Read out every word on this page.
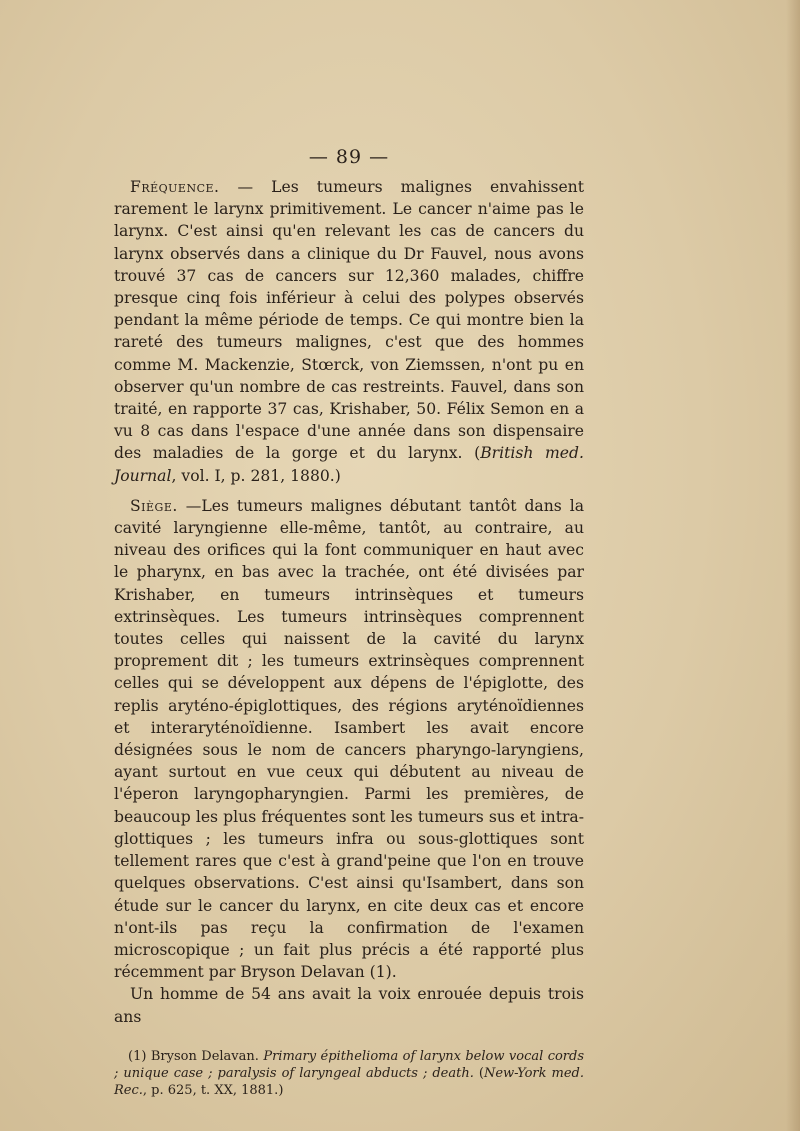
— 89 —

Fréquence. — Les tumeurs malignes envahissent rarement le larynx primitivement. Le cancer n'aime pas le larynx. C'est ainsi qu'en relevant les cas de cancers du larynx observés dans a clinique du Dr Fauvel, nous avons trouvé 37 cas de cancers sur 12,360 malades, chiffre presque cinq fois inférieur à celui des polypes observés pendant la même période de temps. Ce qui montre bien la rareté des tumeurs malignes, c'est que des hommes comme M. Mackenzie, Stœrck, von Ziemssen, n'ont pu en observer qu'un nombre de cas restreints. Fauvel, dans son traité, en rapporte 37 cas, Krishaber, 50. Félix Semon en a vu 8 cas dans l'espace d'une année dans son dispensaire des maladies de la gorge et du larynx. (British med. Journal, vol. I, p. 281, 1880.)

Siège. —Les tumeurs malignes débutant tantôt dans la cavité laryngienne elle-même, tantôt, au contraire, au niveau des orifices qui la font communiquer en haut avec le pharynx, en bas avec la trachée, ont été divisées par Krishaber, en tumeurs intrinsèques et tumeurs extrinsèques. Les tumeurs intrinsèques comprennent toutes celles qui naissent de la cavité du larynx proprement dit ; les tumeurs extrinsèques comprennent celles qui se développent aux dépens de l'épiglotte, des replis aryténo-épiglottiques, des régions aryténoïdiennes et interaryténoïdienne. Isambert les avait encore désignées sous le nom de cancers pharyngo-laryngiens, ayant surtout en vue ceux qui débutent au niveau de l'éperon laryngopharyngien. Parmi les premières, de beaucoup les plus fréquentes sont les tumeurs sus et intra-glottiques ; les tumeurs infra ou sous-glottiques sont tellement rares que c'est à grand'peine que l'on en trouve quelques observations. C'est ainsi qu'Isambert, dans son étude sur le cancer du larynx, en cite deux cas et encore n'ont-ils pas reçu la confirmation de l'examen microscopique ; un fait plus précis a été rapporté plus récemment par Bryson Delavan (1).

Un homme de 54 ans avait la voix enrouée depuis trois ans

(1) Bryson Delavan. Primary épithelioma of larynx below vocal cords ; unique case ; paralysis of laryngeal abducts ; death. (New-York med. Rec., p. 625, t. XX, 1881.)
